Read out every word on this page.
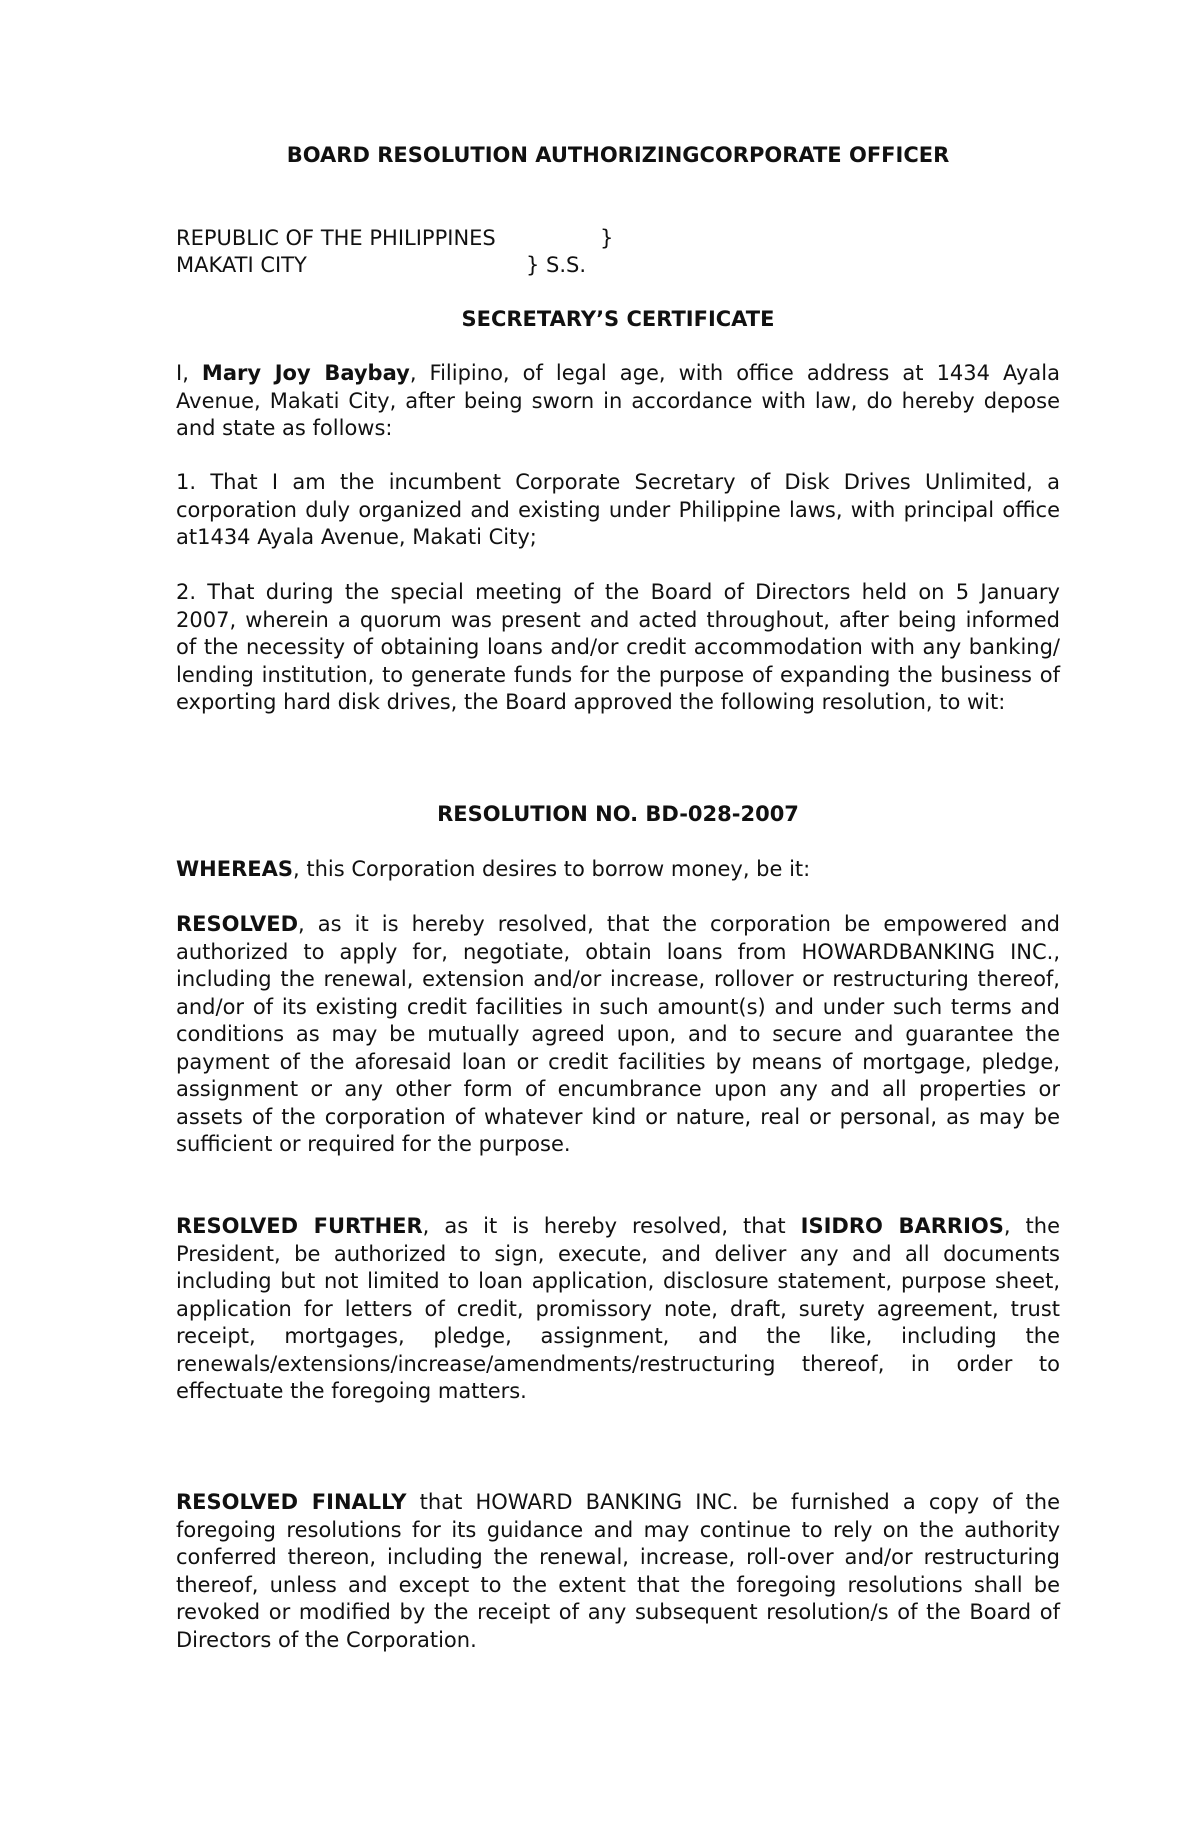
BOARD RESOLUTION AUTHORIZINGCORPORATE OFFICER
REPUBLIC OF THE PHILIPPINES	}
MAKATI CITY	} S.S.
SECRETARY’S CERTIFICATE

I, Mary Joy Baybay, Filipino, of legal age, with office address at 1434 Ayala Avenue, Makati City, after being sworn in accordance with law, do hereby depose and state as follows:

1. That I am the incumbent Corporate Secretary of Disk Drives Unlimited, a corporation duly organized and existing under Philippine laws, with principal office at1434 Ayala Avenue, Makati City;

2. That during the special meeting of the Board of Directors held on 5 January 2007, wherein a quorum was present and acted throughout, after being informed of the necessity of obtaining loans and/or credit accommodation with any banking/ lending institution, to generate funds for the purpose of expanding the business of exporting hard disk drives, the Board approved the following resolution, to wit:

RESOLUTION NO. BD-028-2007

WHEREAS, this Corporation desires to borrow money, be it:

RESOLVED, as it is hereby resolved, that the corporation be empowered and authorized to apply for, negotiate, obtain loans from HOWARDBANKING INC., including the renewal, extension and/or increase, rollover or restructuring thereof, and/or of its existing credit facilities in such amount(s) and under such terms and conditions as may be mutually agreed upon, and to secure and guarantee the payment of the aforesaid loan or credit facilities by means of mortgage, pledge, assignment or any other form of encumbrance upon any and all properties or assets of the corporation of whatever kind or nature, real or personal, as may be sufficient or required for the purpose.

RESOLVED FURTHER, as it is hereby resolved, that ISIDRO BARRIOS, the President, be authorized to sign, execute, and deliver any and all documents including but not limited to loan application, disclosure statement, purpose sheet, application for letters of credit, promissory note, draft, surety agreement, trust receipt, mortgages, pledge, assignment, and the like, including the renewals/extensions/increase/amendments/restructuring thereof, in order to effectuate the foregoing matters.

RESOLVED FINALLY that HOWARD BANKING INC. be furnished a copy of the foregoing resolutions for its guidance and may continue to rely on the authority conferred thereon, including the renewal, increase, roll-over and/or restructuring thereof, unless and except to the extent that the foregoing resolutions shall be revoked or modified by the receipt of any subsequent resolution/s of the Board of Directors of the Corporation.
